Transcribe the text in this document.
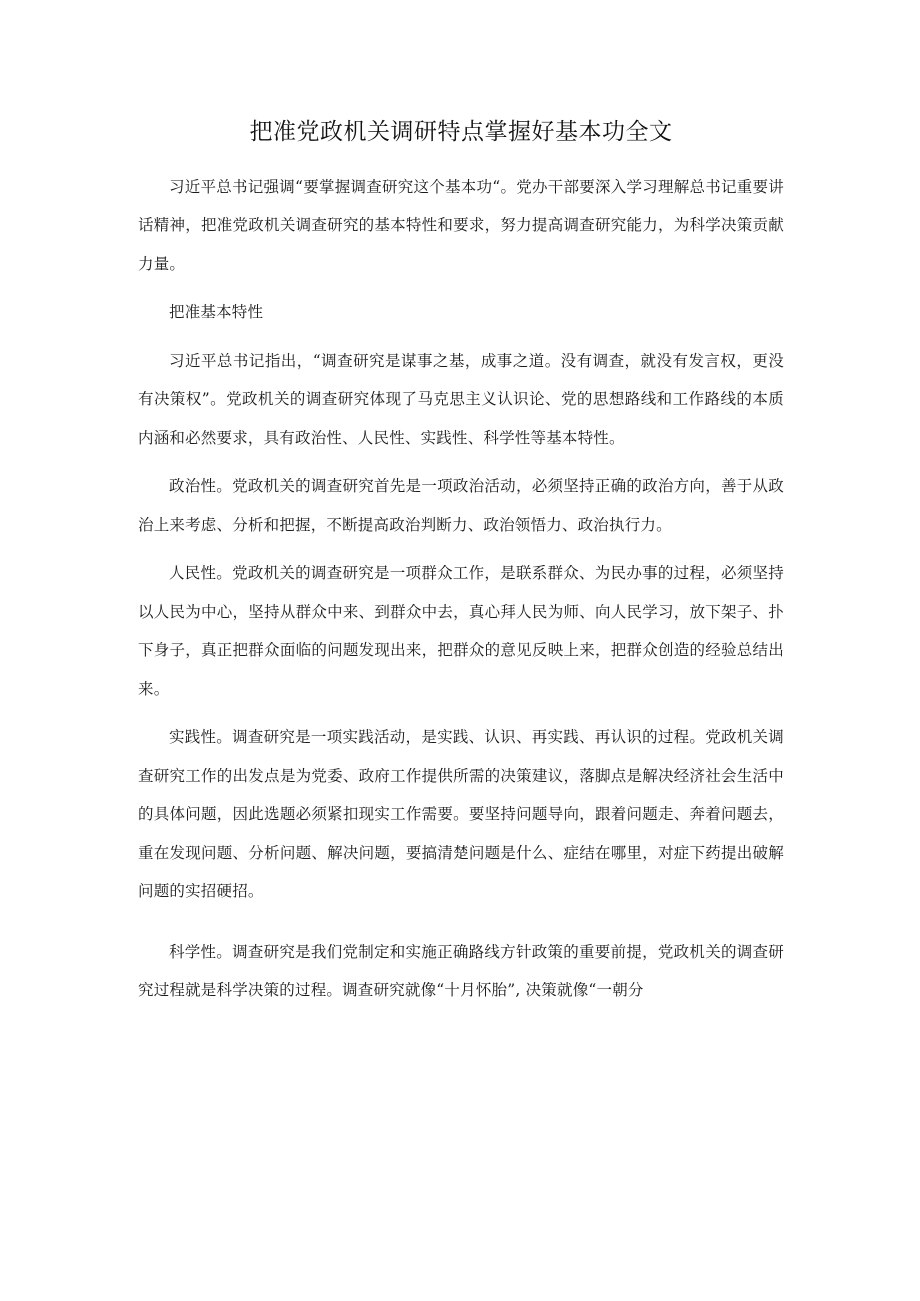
把准党政机关调研特点掌握好基本功全文

习近平总书记强调“要掌握调查研究这个基本功“。党办干部要深入学习理解总书记重要讲话精神，把准党政机关调查研究的基本特性和要求，努力提高调查研究能力，为科学决策贡献力量。

把准基本特性

习近平总书记指出，“调查研究是谋事之基，成事之道。没有调查，就没有发言权，更没有决策权”。党政机关的调查研究体现了马克思主义认识论、党的思想路线和工作路线的本质内涵和必然要求，具有政治性、人民性、实践性、科学性等基本特性。

政治性。党政机关的调查研究首先是一项政治活动，必须坚持正确的政治方向，善于从政治上来考虑、分析和把握，不断提高政治判断力、政治领悟力、政治执行力。

人民性。党政机关的调查研究是一项群众工作，是联系群众、为民办事的过程，必须坚持以人民为中心，坚持从群众中来、到群众中去，真心拜人民为师、向人民学习，放下架子、扑下身子，真正把群众面临的问题发现出来，把群众的意见反映上来，把群众创造的经验总结出来。

实践性。调查研究是一项实践活动，是实践、认识、再实践、再认识的过程。党政机关调查研究工作的出发点是为党委、政府工作提供所需的决策建议，落脚点是解决经济社会生活中的具体问题，因此选题必须紧扣现实工作需要。要坚持问题导向，跟着问题走、奔着问题去，重在发现问题、分析问题、解决问题，要搞清楚问题是什么、症结在哪里，对症下药提出破解问题的实招硬招。

科学性。调查研究是我们党制定和实施正确路线方针政策的重要前提，党政机关的调查研究过程就是科学决策的过程。调查研究就像“十月怀胎”, 决策就像“一朝分
